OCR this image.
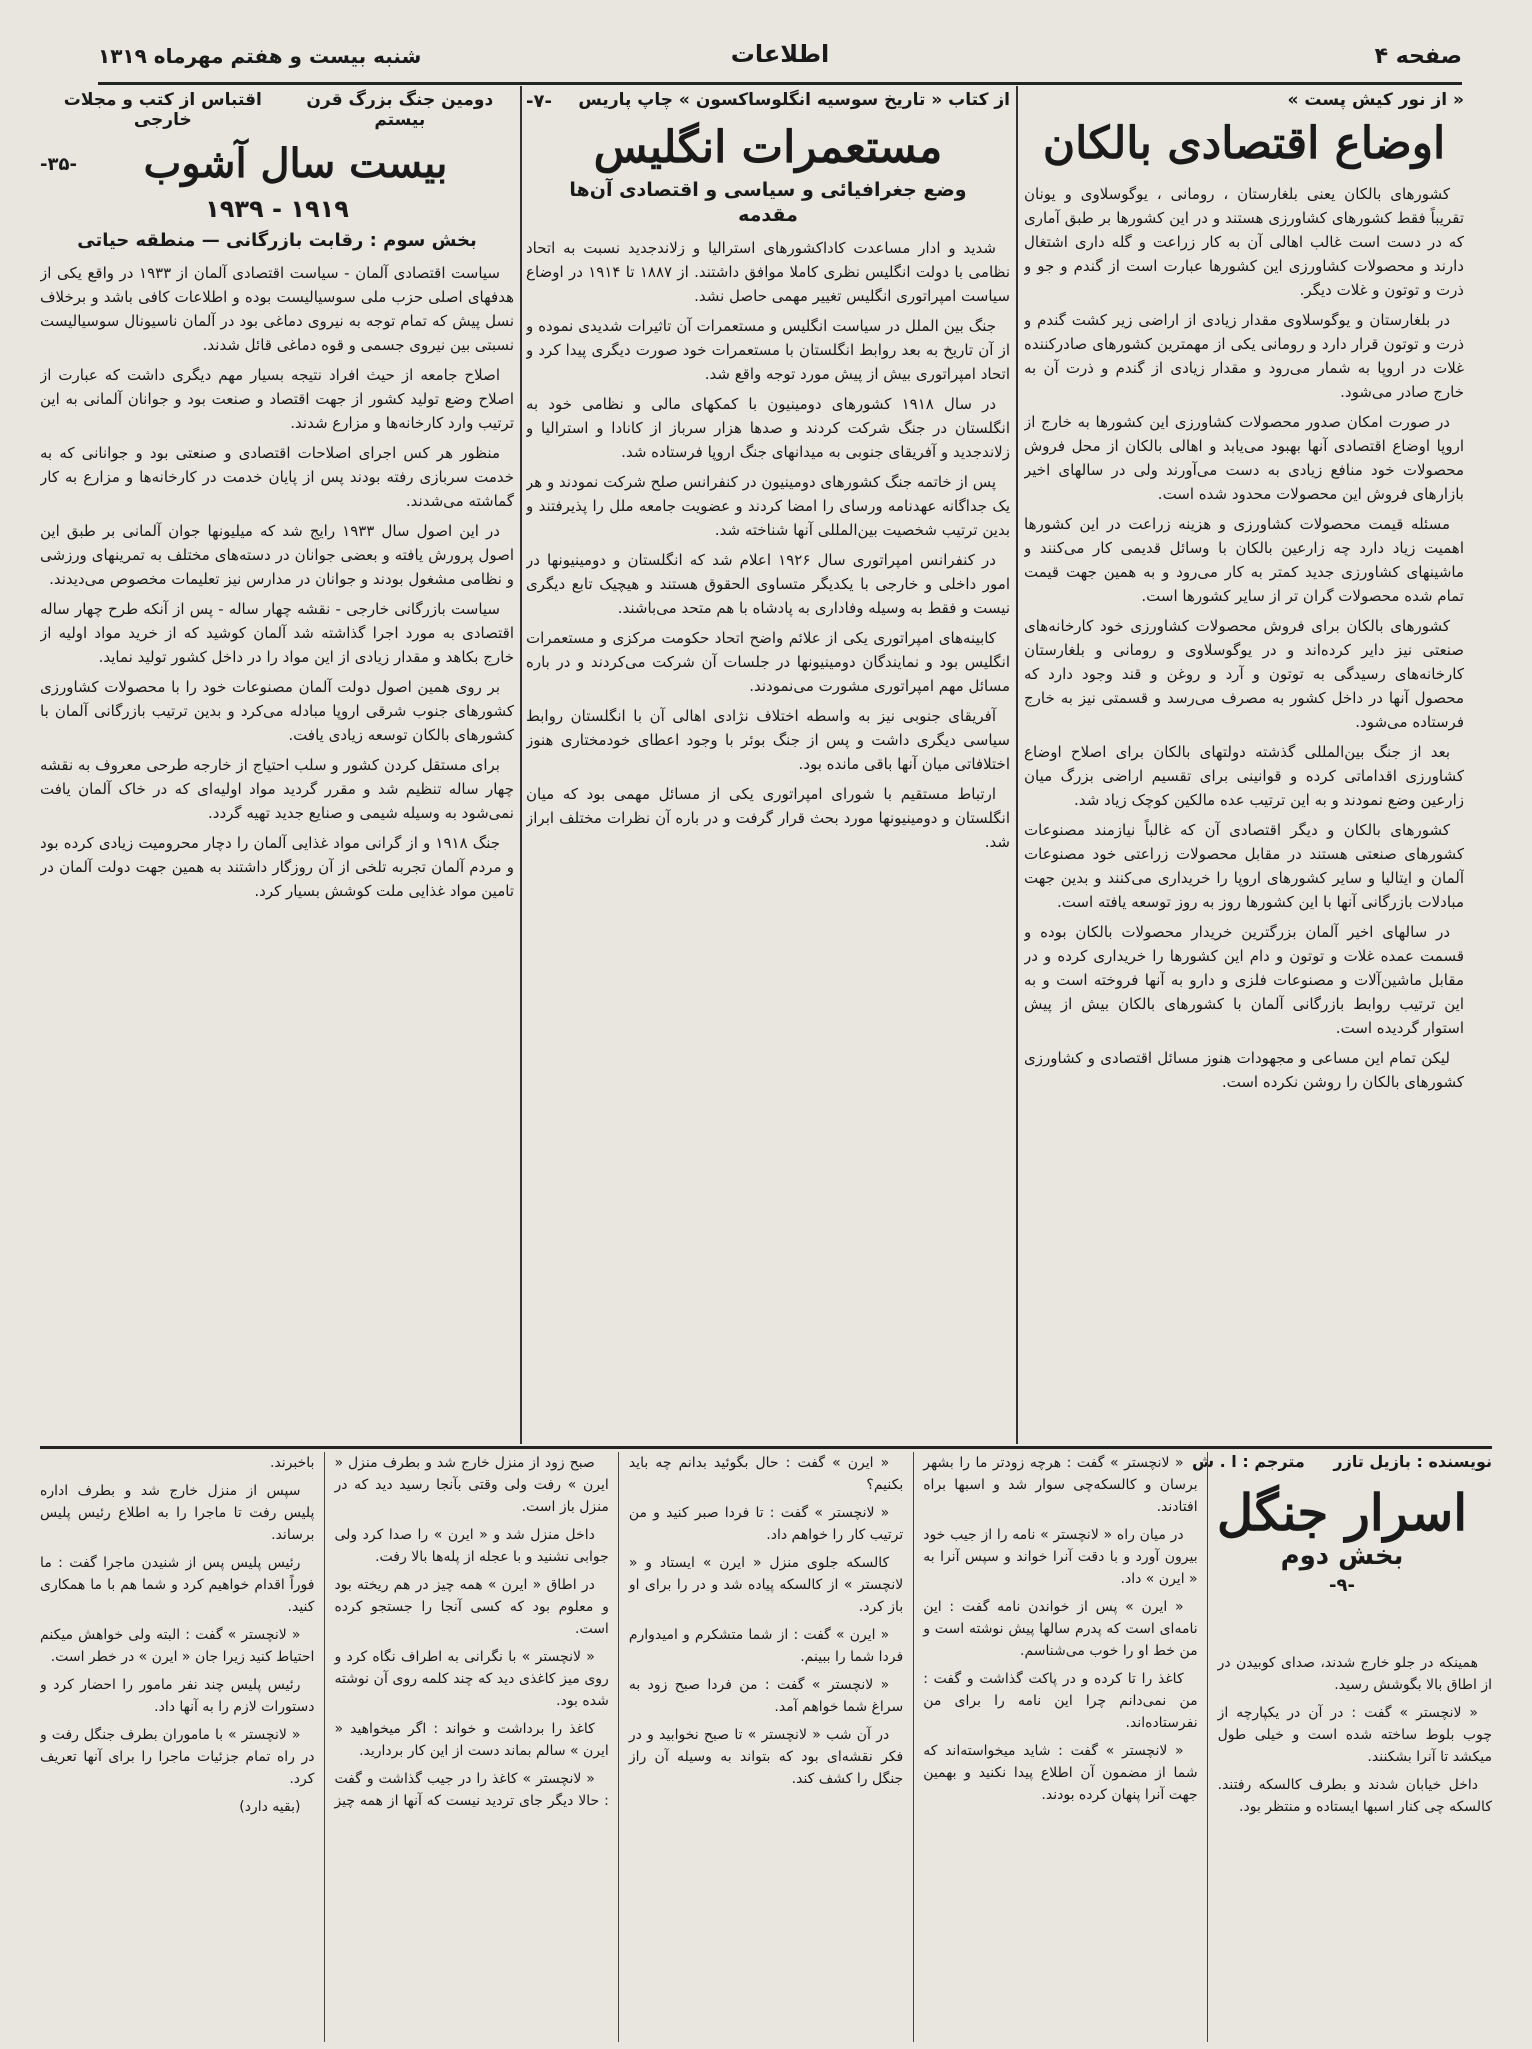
صفحه ۴
اطلاعات
شنبه بیست و هفتم مهرماه ۱۳۱۹
« از نور کیش پست »
اوضاع اقتصادی بالکان

کشورهای بالکان یعنی بلغارستان ، رومانی ، یوگوسلاوی و یونان تقریباً فقط کشورهای کشاورزی هستند و در این کشورها بر طبق آماری که در دست است غالب اهالی آن به کار زراعت و گله داری اشتغال دارند و محصولات کشاورزی این کشورها عبارت است از گندم و جو و ذرت و توتون و غلات دیگر.

در بلغارستان و یوگوسلاوی مقدار زیادی از اراضی زیر کشت گندم و ذرت و توتون قرار دارد و رومانی یکی از مهمترین کشورهای صادرکننده غلات در اروپا به شمار می‌رود و مقدار زیادی از گندم و ذرت آن به خارج صادر می‌شود.

در صورت امکان صدور محصولات کشاورزی این کشورها به خارج از اروپا اوضاع اقتصادی آنها بهبود می‌یابد و اهالی بالکان از محل فروش محصولات خود منافع زیادی به دست می‌آورند ولی در سالهای اخیر بازارهای فروش این محصولات محدود شده است.

مسئله قیمت محصولات کشاورزی و هزینه زراعت در این کشورها اهمیت زیاد دارد چه زارعین بالکان با وسائل قدیمی کار می‌کنند و ماشینهای کشاورزی جدید کمتر به کار می‌رود و به همین جهت قیمت تمام شده محصولات گران تر از سایر کشورها است.

کشورهای بالکان برای فروش محصولات کشاورزی خود کارخانه‌های صنعتی نیز دایر کرده‌اند و در یوگوسلاوی و رومانی و بلغارستان کارخانه‌های رسیدگی به توتون و آرد و روغن و قند وجود دارد که محصول آنها در داخل کشور به مصرف می‌رسد و قسمتی نیز به خارج فرستاده می‌شود.

بعد از جنگ بین‌المللی گذشته دولتهای بالکان برای اصلاح اوضاع کشاورزی اقداماتی کرده و قوانینی برای تقسیم اراضی بزرگ میان زارعین وضع نمودند و به این ترتیب عده مالکین کوچک زیاد شد.

کشورهای بالکان و دیگر اقتصادی آن که غالباً نیازمند مصنوعات کشورهای صنعتی هستند در مقابل محصولات زراعتی خود مصنوعات آلمان و ایتالیا و سایر کشورهای اروپا را خریداری می‌کنند و بدین جهت مبادلات بازرگانی آنها با این کشورها روز به روز توسعه یافته است.

در سالهای اخیر آلمان بزرگترین خریدار محصولات بالکان بوده و قسمت عمده غلات و توتون و دام این کشورها را خریداری کرده و در مقابل ماشین‌آلات و مصنوعات فلزی و دارو به آنها فروخته است و به این ترتیب روابط بازرگانی آلمان با کشورهای بالکان بیش از پیش استوار گردیده است.

لیکن تمام این مساعی و مجهودات هنوز مسائل اقتصادی و کشاورزی کشورهای بالکان را روشن نکرده است.

از کتاب « تاریخ سوسیه انگلوساکسون » چاپ پاریس
-۷-
مستعمرات انگلیس
وضع جغرافیائی و سیاسی و اقتصادی آن‌ها
مقدمه

شدید و ادار مساعدت کاداکشورهای استرالیا و زلاندجدید نسبت به اتحاد نظامی با دولت انگلیس نظری کاملا موافق داشتند. از ۱۸۸۷ تا ۱۹۱۴ در اوضاع سیاست امپراتوری انگلیس تغییر مهمی حاصل نشد.

جنگ بین الملل در سیاست انگلیس و مستعمرات آن تاثیرات شدیدی نموده و از آن تاریخ به بعد روابط انگلستان با مستعمرات خود صورت دیگری پیدا کرد و اتحاد امپراتوری بیش از پیش مورد توجه واقع شد.

در سال ۱۹۱۸ کشورهای دومینیون با کمکهای مالی و نظامی خود به انگلستان در جنگ شرکت کردند و صدها هزار سرباز از کانادا و استرالیا و زلاندجدید و آفریقای جنوبی به میدانهای جنگ اروپا فرستاده شد.

پس از خاتمه جنگ کشورهای دومینیون در کنفرانس صلح شرکت نمودند و هر یک جداگانه عهدنامه ورسای را امضا کردند و عضویت جامعه ملل را پذیرفتند و بدین ترتیب شخصیت بین‌المللی آنها شناخته شد.

در کنفرانس امپراتوری سال ۱۹۲۶ اعلام شد که انگلستان و دومینیونها در امور داخلی و خارجی با یکدیگر متساوی الحقوق هستند و هیچیک تابع دیگری نیست و فقط به وسیله وفاداری به پادشاه با هم متحد می‌باشند.

کابینه‌های امپراتوری یکی از علائم واضح اتحاد حکومت مرکزی و مستعمرات انگلیس بود و نمایندگان دومینیونها در جلسات آن شرکت می‌کردند و در باره مسائل مهم امپراتوری مشورت می‌نمودند.

آفریقای جنوبی نیز به واسطه اختلاف نژادی اهالی آن با انگلستان روابط سیاسی دیگری داشت و پس از جنگ بوئر با وجود اعطای خودمختاری هنوز اختلافاتی میان آنها باقی مانده بود.

ارتباط مستقیم با شورای امپراتوری یکی از مسائل مهمی بود که میان انگلستان و دومینیونها مورد بحث قرار گرفت و در باره آن نظرات مختلف ابراز شد.

دومین جنگ بزرگ قرن بیستم
اقتباس از کتب و مجلات خارجی
بیست سال آشوب
-۳۵-
۱۹۱۹ - ۱۹۳۹
بخش سوم : رقابت بازرگانی — منطقه حیاتی

سیاست اقتصادی آلمان - سیاست اقتصادی آلمان از ۱۹۳۳ در واقع یکی از هدفهای اصلی حزب ملی سوسیالیست بوده و اطلاعات کافی باشد و برخلاف نسل پیش که تمام توجه به نیروی دماغی بود در آلمان ناسیونال سوسیالیست نسبتی بین نیروی جسمی و قوه دماغی قائل شدند.

اصلاح جامعه از حیث افراد نتیجه بسیار مهم دیگری داشت که عبارت از اصلاح وضع تولید کشور از جهت اقتصاد و صنعت بود و جوانان آلمانی به این ترتیب وارد کارخانه‌ها و مزارع شدند.

منظور هر کس اجرای اصلاحات اقتصادی و صنعتی بود و جوانانی که به خدمت سربازی رفته بودند پس از پایان خدمت در کارخانه‌ها و مزارع به کار گماشته می‌شدند.

در این اصول سال ۱۹۳۳ رایج شد که میلیونها جوان آلمانی بر طبق این اصول پرورش یافته و بعضی جوانان در دسته‌های مختلف به تمرینهای ورزشی و نظامی مشغول بودند و جوانان در مدارس نیز تعلیمات مخصوص می‌دیدند.

سیاست بازرگانی خارجی - نقشه چهار ساله - پس از آنکه طرح چهار ساله اقتصادی به مورد اجرا گذاشته شد آلمان کوشید که از خرید مواد اولیه از خارج بکاهد و مقدار زیادی از این مواد را در داخل کشور تولید نماید.

بر روی همین اصول دولت آلمان مصنوعات خود را با محصولات کشاورزی کشورهای جنوب شرقی اروپا مبادله می‌کرد و بدین ترتیب بازرگانی آلمان با کشورهای بالکان توسعه زیادی یافت.

برای مستقل کردن کشور و سلب احتیاج از خارجه طرحی معروف به نقشه چهار ساله تنظیم شد و مقرر گردید مواد اولیه‌ای که در خاک آلمان یافت نمی‌شود به وسیله شیمی و صنایع جدید تهیه گردد.

جنگ ۱۹۱۸ و از گرانی مواد غذایی آلمان را دچار محرومیت زیادی کرده بود و مردم آلمان تجربه تلخی از آن روزگار داشتند به همین جهت دولت آلمان در تامین مواد غذایی ملت کوشش بسیار کرد.

نویسنده : بازیل تازر
مترجم : ا . ش
اسرار جنگل
بخش دوم
-۹-

همینکه در جلو خارج شدند، صدای کوبیدن در از اطاق بالا بگوشش رسید.

« لانچستر » گفت : در آن در یکپارچه از چوب بلوط ساخته شده است و خیلی طول میکشد تا آنرا بشکنند.

داخل خیابان شدند و بطرف کالسکه رفتند. کالسکه چی کنار اسبها ایستاده و منتظر بود.

« لانچستر » گفت : هرچه زودتر ما را بشهر برسان و کالسکه‌چی سوار شد و اسبها براه افتادند.

در میان راه « لانچستر » نامه را از جیب خود بیرون آورد و با دقت آنرا خواند و سپس آنرا به « ایرن » داد.

« ایرن » پس از خواندن نامه گفت : این نامه‌ای است که پدرم سالها پیش نوشته است و من خط او را خوب می‌شناسم.

کاغذ را تا کرده و در پاکت گذاشت و گفت : من نمی‌دانم چرا این نامه را برای من نفرستاده‌اند.

« لانچستر » گفت : شاید میخواسته‌اند که شما از مضمون آن اطلاع پیدا نکنید و بهمین جهت آنرا پنهان کرده بودند.

« ایرن » گفت : حال بگوئید بدانم چه باید بکنیم؟

« لانچستر » گفت : تا فردا صبر کنید و من ترتیب کار را خواهم داد.

کالسکه جلوی منزل « ایرن » ایستاد و « لانچستر » از کالسکه پیاده شد و در را برای او باز کرد.

« ایرن » گفت : از شما متشکرم و امیدوارم فردا شما را ببینم.

« لانچستر » گفت : من فردا صبح زود به سراغ شما خواهم آمد.

در آن شب « لانچستر » تا صبح نخوابید و در فکر نقشه‌ای بود که بتواند به وسیله آن راز جنگل را کشف کند.

صبح زود از منزل خارج شد و بطرف منزل « ایرن » رفت ولی وقتی بآنجا رسید دید که در منزل باز است.

داخل منزل شد و « ایرن » را صدا کرد ولی جوابی نشنید و با عجله از پله‌ها بالا رفت.

در اطاق « ایرن » همه چیز در هم ریخته بود و معلوم بود که کسی آنجا را جستجو کرده است.

« لانچستر » با نگرانی به اطراف نگاه کرد و روی میز کاغذی دید که چند کلمه روی آن نوشته شده بود.

کاغذ را برداشت و خواند : اگر میخواهید « ایرن » سالم بماند دست از این کار بردارید.

« لانچستر » کاغذ را در جیب گذاشت و گفت : حالا دیگر جای تردید نیست که آنها از همه چیز باخبرند.

سپس از منزل خارج شد و بطرف اداره پلیس رفت تا ماجرا را به اطلاع رئیس پلیس برساند.

رئیس پلیس پس از شنیدن ماجرا گفت : ما فوراً اقدام خواهیم کرد و شما هم با ما همکاری کنید.

« لانچستر » گفت : البته ولی خواهش میکنم احتیاط کنید زیرا جان « ایرن » در خطر است.

رئیس پلیس چند نفر مامور را احضار کرد و دستورات لازم را به آنها داد.

« لانچستر » با ماموران بطرف جنگل رفت و در راه تمام جزئیات ماجرا را برای آنها تعریف کرد.

(بقیه دارد)
